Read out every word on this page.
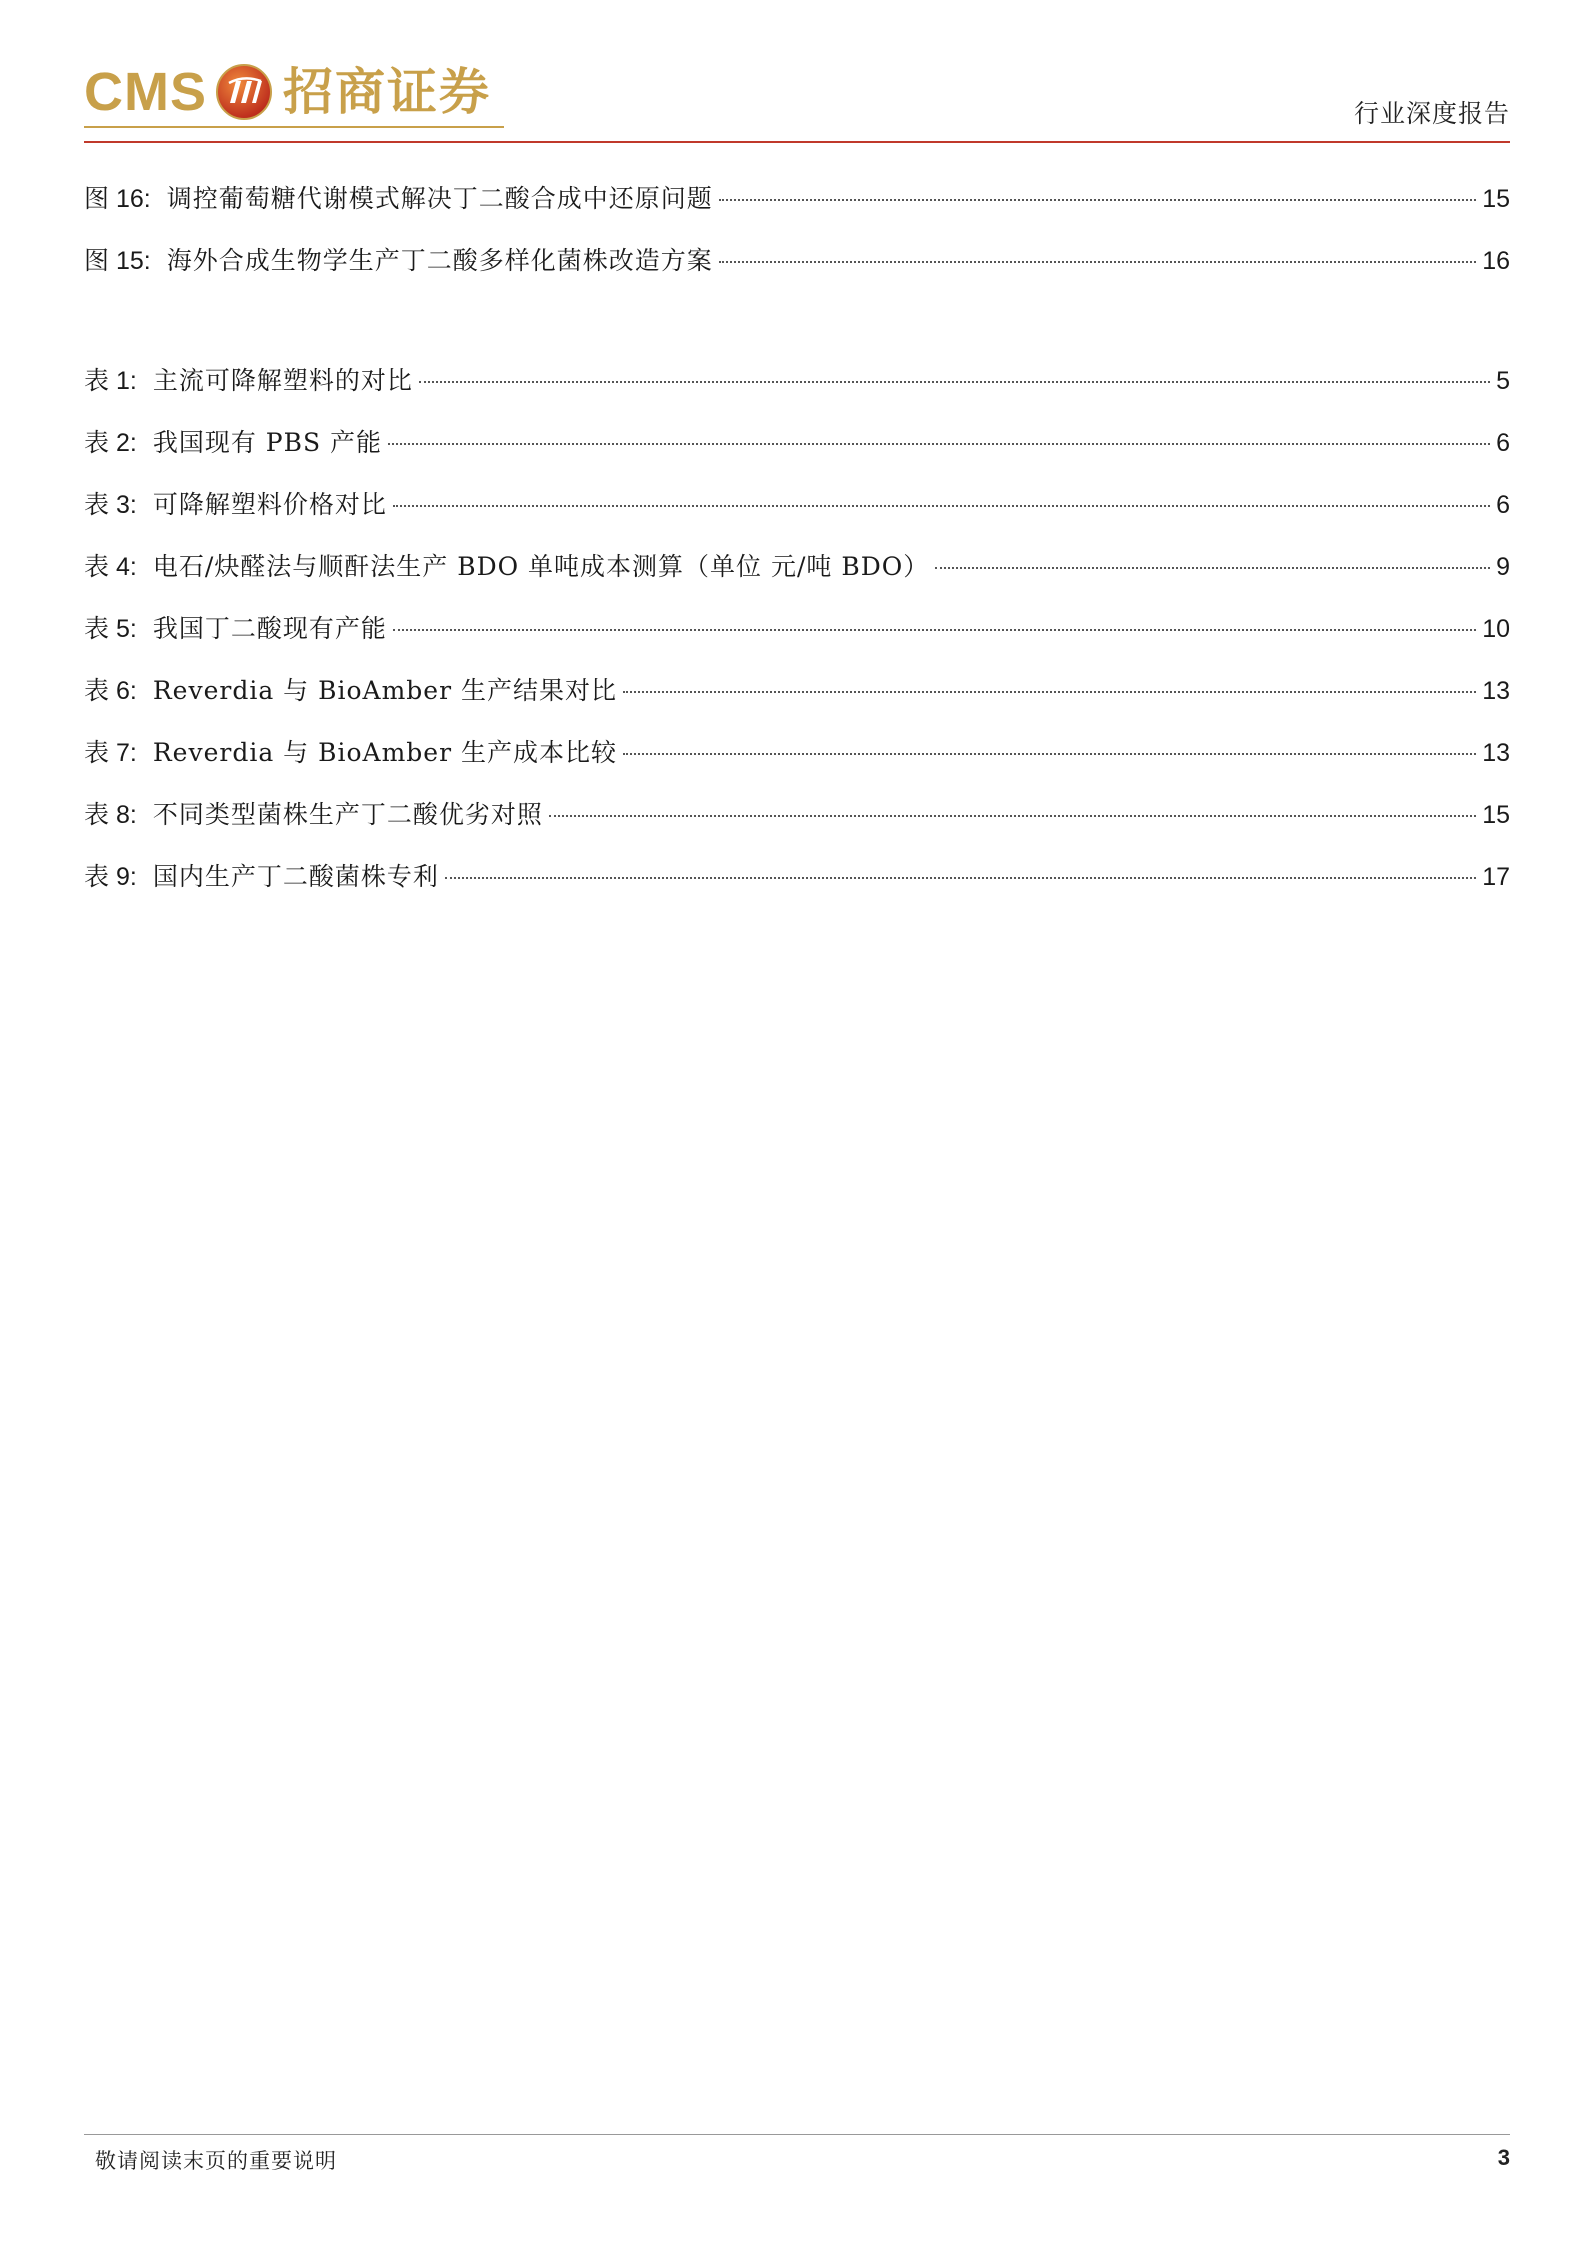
CMS 招商证券	行业深度报告
图 16: 调控葡萄糖代谢模式解决丁二酸合成中还原问题	15
图 15: 海外合成生物学生产丁二酸多样化菌株改造方案	16
表 1: 主流可降解塑料的对比	5
表 2: 我国现有 PBS 产能	6
表 3: 可降解塑料价格对比	6
表 4: 电石/炔醛法与顺酐法生产 BDO 单吨成本测算（单位 元/吨 BDO）	9
表 5: 我国丁二酸现有产能	10
表 6: Reverdia 与 BioAmber 生产结果对比	13
表 7: Reverdia 与 BioAmber 生产成本比较	13
表 8: 不同类型菌株生产丁二酸优劣对照	15
表 9: 国内生产丁二酸菌株专利	17
敬请阅读末页的重要说明	3
